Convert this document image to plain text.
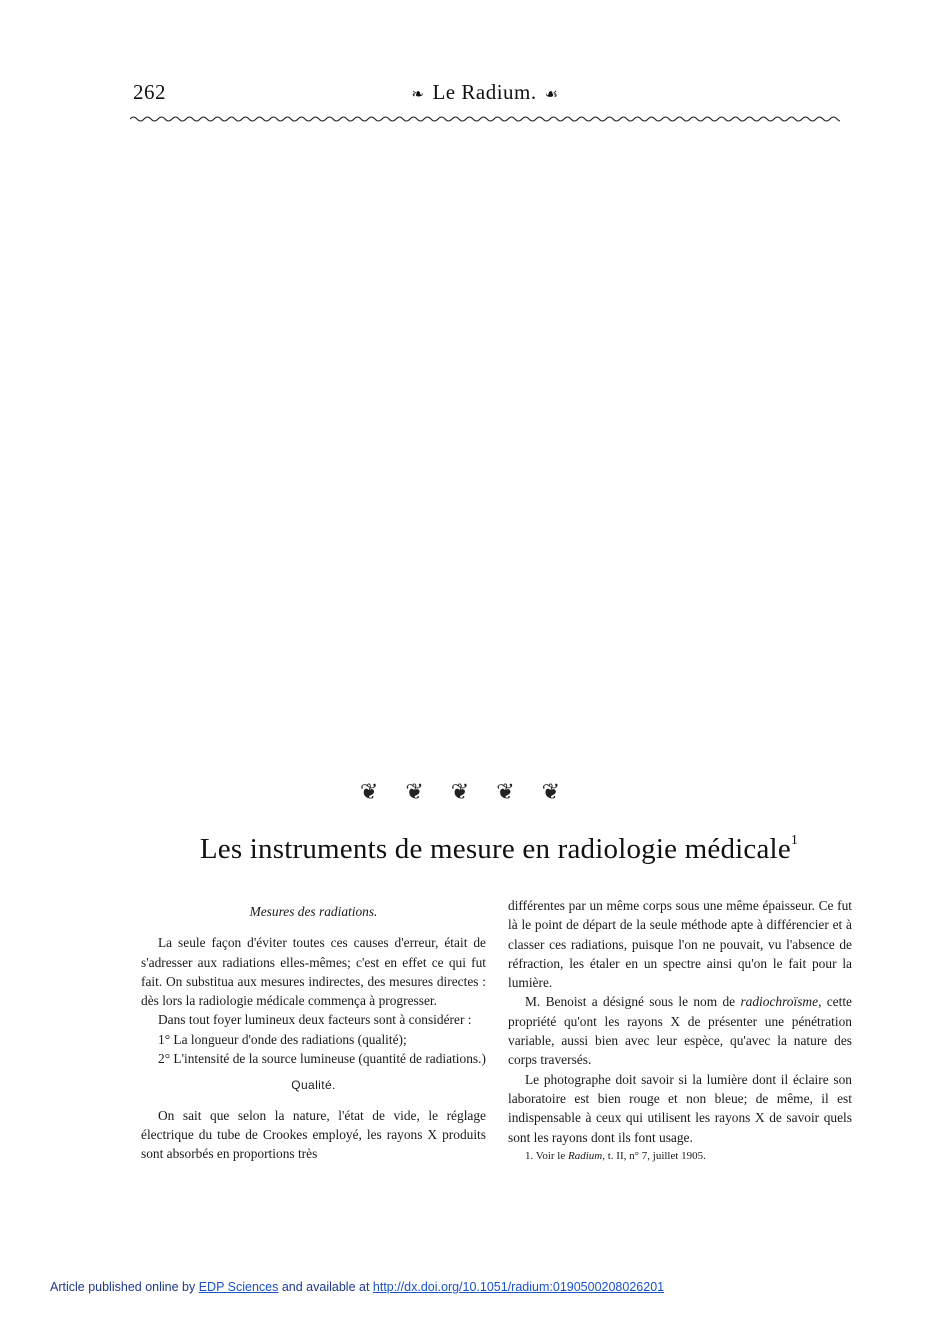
262	❧ Le Radium. ☙
❦ ❦ ❦ ❦ ❦
Les instruments de mesure en radiologie médicale$^1$
Mesures des radiations.

La seule façon d'éviter toutes ces causes d'erreur, était de s'adresser aux radiations elles-mêmes; c'est en effet ce qui fut fait. On substitua aux mesures indirectes, des mesures directes : dès lors la radiologie médicale commença à progresser.

Dans tout foyer lumineux deux facteurs sont à considérer :

1° La longueur d'onde des radiations (qualité);

2° L'intensité de la source lumineuse (quantité de radiations.)

Qualité.

On sait que selon la nature, l'état de vide, le réglage électrique du tube de Crookes employé, les rayons X produits sont absorbés en proportions très

différentes par un même corps sous une même épaisseur. Ce fut là le point de départ de la seule méthode apte à différencier et à classer ces radiations, puisque l'on ne pouvait, vu l'absence de réfraction, les étaler en un spectre ainsi qu'on le fait pour la lumière.

M. Benoist a désigné sous le nom de radiochroïsme, cette propriété qu'ont les rayons X de présenter une pénétration variable, aussi bien avec leur espèce, qu'avec la nature des corps traversés.

Le photographe doit savoir si la lumière dont il éclaire son laboratoire est bien rouge et non bleue; de même, il est indispensable à ceux qui utilisent les rayons X de savoir quels sont les rayons dont ils font usage.

1. Voir le Radium, t. II, n° 7, juillet 1905.

Article published online by EDP Sciences and available at http://dx.doi.org/10.1051/radium:0190500208026201
